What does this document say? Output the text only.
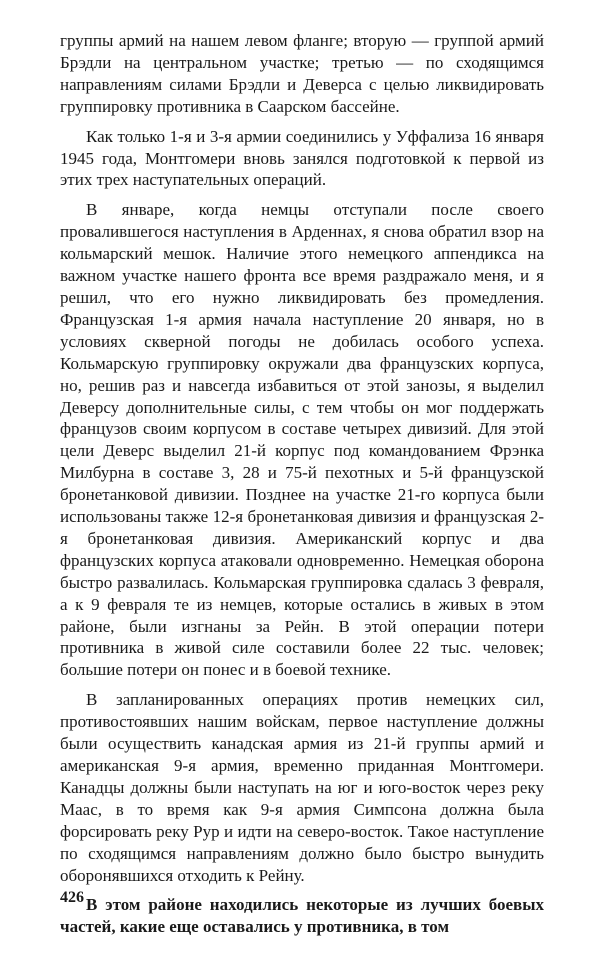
группы армий на нашем левом фланге; вторую — группой армий Брэдли на центральном участке; третью — по сходящимся направлениям силами Брэдли и Деверса с целью ликвидировать группировку противника в Саарском бассейне.

Как только 1-я и 3-я армии соединились у Уффализа 16 января 1945 года, Монтгомери вновь занялся подготовкой к первой из этих трех наступательных операций.

В январе, когда немцы отступали после своего провалившегося наступления в Арденнах, я снова обратил взор на кольмарский мешок. Наличие этого немецкого аппендикса на важном участке нашего фронта все время раздражало меня, и я решил, что его нужно ликвидировать без промедления. Французская 1-я армия начала наступление 20 января, но в условиях скверной погоды не добилась особого успеха. Кольмарскую группировку окружали два французских корпуса, но, решив раз и навсегда избавиться от этой занозы, я выделил Деверсу дополнительные силы, с тем чтобы он мог поддержать французов своим корпусом в составе четырех дивизий. Для этой цели Деверс выделил 21-й корпус под командованием Фрэнка Милбурна в составе 3, 28 и 75-й пехотных и 5-й французской бронетанковой дивизии. Позднее на участке 21-го корпуса были использованы также 12-я бронетанковая дивизия и французская 2-я бронетанковая дивизия. Американский корпус и два французских корпуса атаковали одновременно. Немецкая оборона быстро развалилась. Кольмарская группировка сдалась 3 февраля, а к 9 февраля те из немцев, которые остались в живых в этом районе, были изгнаны за Рейн. В этой операции потери противника в живой силе составили более 22 тыс. человек; большие потери он понес и в боевой технике.

В запланированных операциях против немецких сил, противостоявших нашим войскам, первое наступление должны были осуществить канадская армия из 21-й группы армий и американская 9-я армия, временно приданная Монтгомери. Канадцы должны были наступать на юг и юго-восток через реку Маас, в то время как 9-я армия Симпсона должна была форсировать реку Рур и идти на северо-восток. Такое наступление по сходящимся направлениям должно было быстро вынудить оборонявшихся отходить к Рейну.

В этом районе находились некоторые из лучших боевых частей, какие еще оставались у противника, в том

426
